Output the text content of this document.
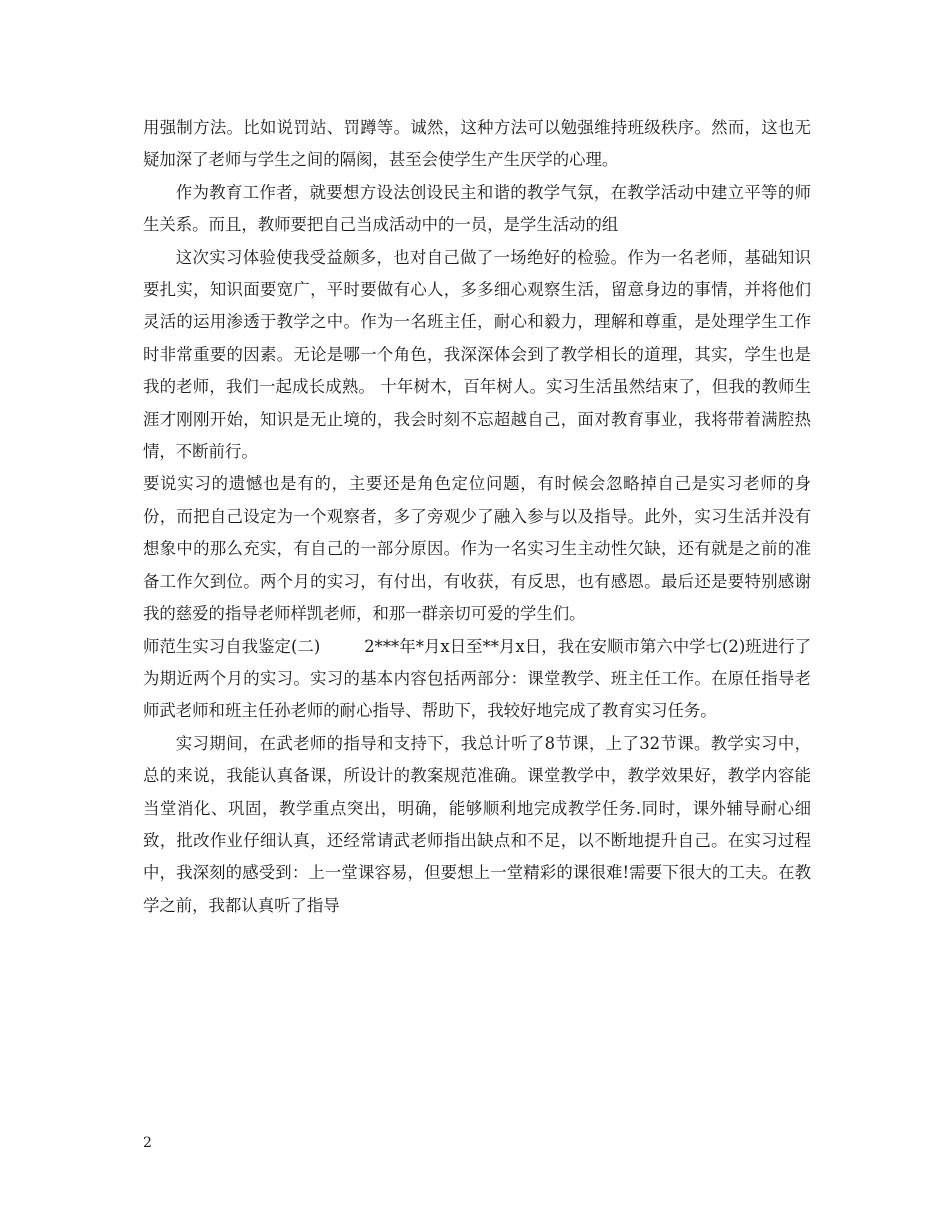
用强制方法。比如说罚站、罚蹲等。诚然，这种方法可以勉强维持班级秩序。然而，这也无疑加深了老师与学生之间的隔阂，甚至会使学生产生厌学的心理。

作为教育工作者，就要想方设法创设民主和谐的教学气氛，在教学活动中建立平等的师生关系。而且，教师要把自己当成活动中的一员，是学生活动的组

这次实习体验使我受益颇多，也对自己做了一场绝好的检验。作为一名老师，基础知识要扎实，知识面要宽广，平时要做有心人，多多细心观察生活，留意身边的事情，并将他们灵活的运用渗透于教学之中。作为一名班主任，耐心和毅力，理解和尊重，是处理学生工作时非常重要的因素。无论是哪一个角色，我深深体会到了教学相长的道理，其实，学生也是我的老师，我们一起成长成熟。 十年树木，百年树人。实习生活虽然结束了，但我的教师生涯才刚刚开始，知识是无止境的，我会时刻不忘超越自己，面对教育事业，我将带着满腔热情，不断前行。

要说实习的遗憾也是有的，主要还是角色定位问题，有时候会忽略掉自己是实习老师的身份，而把自己设定为一个观察者，多了旁观少了融入参与以及指导。此外，实习生活并没有想象中的那么充实，有自己的一部分原因。作为一名实习生主动性欠缺，还有就是之前的准备工作欠到位。两个月的实习，有付出，有收获，有反思，也有感恩。最后还是要特别感谢我的慈爱的指导老师样凯老师，和那一群亲切可爱的学生们。

师范生实习自我鉴定(二)	2***年*月x日至**月x日，我在安顺市第六中学七(2)班进行了为期近两个月的实习。实习的基本内容包括两部分：课堂教学、班主任工作。在原任指导老师武老师和班主任孙老师的耐心指导、帮助下，我较好地完成了教育实习任务。

实习期间，在武老师的指导和支持下，我总计听了8节课，上了32节课。教学实习中，总的来说，我能认真备课，所设计的教案规范准确。课堂教学中，教学效果好，教学内容能当堂消化、巩固，教学重点突出，明确，能够顺利地完成教学任务.同时，课外辅导耐心细致，批改作业仔细认真，还经常请武老师指出缺点和不足，以不断地提升自己。在实习过程中，我深刻的感受到：上一堂课容易，但要想上一堂精彩的课很难!需要下很大的工夫。在教学之前，我都认真听了指导

2
